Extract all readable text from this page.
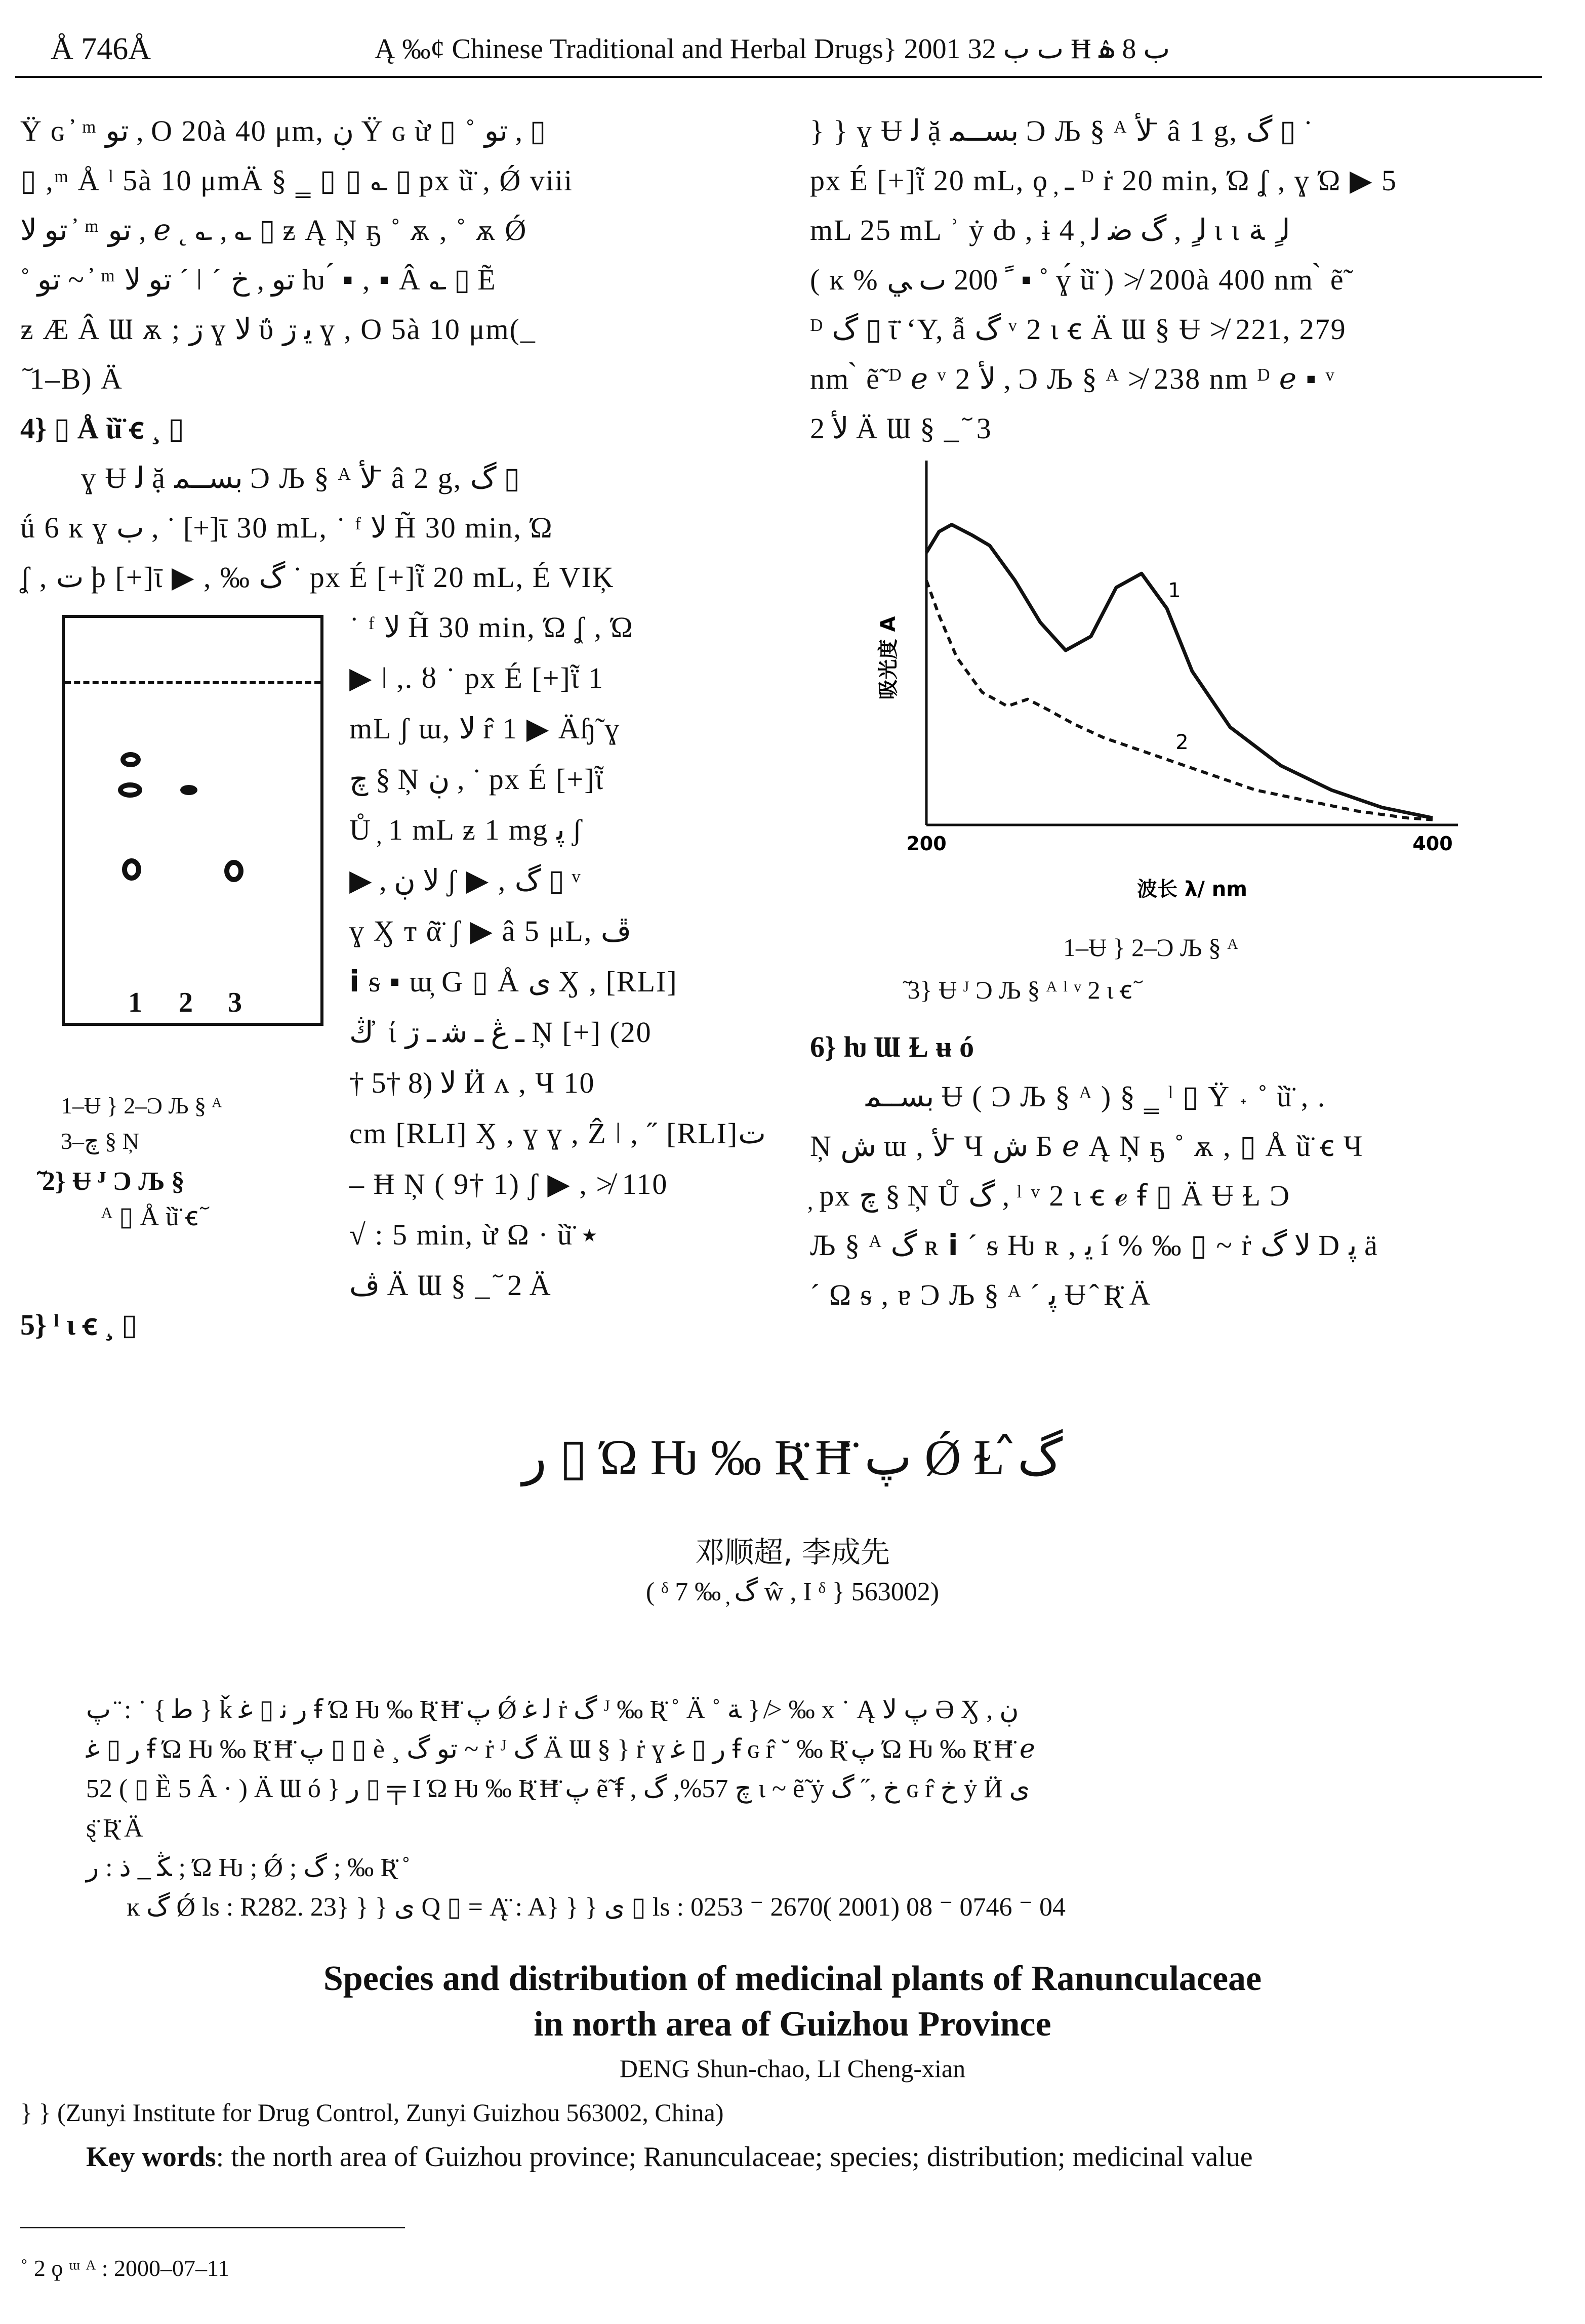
Å 746Å	Ą ‰¢ Chinese Traditional and Herbal Drugs} 2001 ٮ ب 32 Ħ ب 8 ۿ
Ÿ ɢ ҆ ᵐ ﺗﻮ , O 20à 40 μm, ڹ Ÿ ɢ ừ ▯ ˚ ﺗﻮ , ▯
▯ ,ᵐ Å ˡ 5à 10 μmÄ § ‗ ▯ ▯ ؎ ▯ px ȕ̈ , Ǿ viii
ﺗﻮ ﻻ ҆ ᵐ ﺗﻮ , ℯ ˛ ؎ , ؎ ▯ ƶ Ą Ņ ҕ ˚ ѫ , ˚ ѫ Ǿ
˚ ﺗﻮ ~ ҆ ᵐ ﺗﻮ ﻻ ´ ǀ ˊ ﺗﻮ , ﺥ ƕ ́ ▪ , ▪ Â ؎ ▯ Ẽ
ƶ Æ Â Ɯ ѫ ; ڗ ɣ ﻻ ΰ ﯾ ڗ ɣ , O 5à 10 μm(_
ٓ 1–B) Ä
4} ▯ Å ȕ̈ ꞓ ¸ ▯
ɣ Ʉ ﻟ ặ ﺑﺴــﻤ Ͻ Љ § ᴬ ﻷ ̄ â 2 g, ﮒ ▯
ǘ 6 ĸ ɣ ب , ˙ [+]ῑ 30 mL, ˙ ᶠ ﻻ H̃ 30 min, Ώ
ʆ , ت ϸ [+]ῑ ▶ , ‰ ﮒ ˙ px É [+]ῗ 20 mL, É VIĶ
1 2 3
˙ ᶠ ﻻ H̃ 30 min, Ώ ʆ , Ώ
▶ ǀ ,. ȣ ˙ px É [+]ῗ 1
mL ʃ ɯ, ﻻ r̂ 1 ▶ Äɧ̃ ɣ
ﭺ § Ņ ڹ , ˙ px É [+]ῗ
Ů ̦ 1 mL ƶ 1 mg ﭘ ʃ
▶ , ﻻ ڹ ʃ ▶ , ﮒ ▯ ᵛ
ɣ Ӽ ᴛ ᾶ̈ ʃ ▶ â 5 μL, ڦ
𝗶 ᵴ ▪ ɯ̦ G ▯ Å ی Ӽ , [RLI]
ڭ ̓ ί ـ ڠ ـ ﺷ ـ ڗ Ņ [+] (20
† 5† 8) ﻻ Ӥ ᴧ , Ч 10
cm [RLI] Ӽ , ɣ ɣ , Ẑ ǀ , ˝ [RLI]ﺕ
– Ħ Ņ ( 9† 1) ʃ ▶ , ≯ 110
√ : 5 min, ừ Ω · ȕ̈ ٭
ڤ Ä Ɯ § _ ٓ 2 Ä
1–Ʉ } 2–Ͻ Љ § ᴬ
3–ﭺ § Ņ
ٓ 2} Ʉ ᴶ Ͻ Љ §
ᴬ ▯ Å ȕ̈ ꞓ ٓ
5} ˡ ɩ ꞓ ¸ ▯
} } ɣ Ʉ ﻟ ặ ﺑﺴــﻤ Ͻ Љ § ᴬ ﻷ ̄ â 1 g, ﮒ ▯ ˙
px É [+]ῗ 20 mL, ϙ ̦ ـ ᴰ ṙ 20 min, Ώ ʆ , ɣ Ώ ▶ 5
mL 25 mL ʾ ẏ ȸ , ɨ 4 ̦ ﻟ ٍ , ﮒ ﺿ ﻟ ɩ ɩ ﻟ ٍ ﺔ
( ĸ % ﹰ 200 ٮ ﻲ ▪ ˚ ɣ́ ȕ̈ ) ≯ 200à 400 nm ̀ ẽ̃
ᴰ ﮒ ▯ ῑ̈ ʻY, ẫ ﮒ ᵛ 2 ɩ ꞓ Ä Ɯ § Ʉ ≯ 221, 279
nm ̀ ẽ̃ ᴰ ℯ ᵛ 2 ﻷ , Ͻ Љ § ᴬ ≯ 238 nm ᴰ ℯ ▪ ᵛ
2 ﻷ Ä Ɯ § _ ٓ 3
吸光度 A
200	400
波长 λ/ nm
1
2
1–Ʉ } 2–Ͻ Љ § ᴬ
ٓ 3} Ʉ ᴶ Ͻ Љ § ᴬ ˡ ᵛ 2 ɩ ꞓ ٓ
6} ƕ Ɯ Ɫ ʉ ó
ﺑﺴــﻤ Ʉ ( Ͻ Љ § ᴬ ) § ‗ ˡ ▯ Ÿ ˖ ˚ ȕ̈ , .
Ņ ﺵ ɯ , ﻷ ̄ Ч ﺵ Б ℯ Ą Ņ ҕ ˚ ѫ , ▯ Å ȕ̈ ꞓ Ч
̦ px ﭺ § Ņ Ů ﮒ , ˡ ᵛ 2 ɩ ꞓ ℯ ꞙ ▯ Ä Ʉ Ɫ Ͻ
Љ § ᴬ ﮒ ʀ 𝗶 ´ ᵴ Ƕ ʀ , ﯾ í % ‰ ▯ ~ ṙ ﻻ ﮒ D ﭘ ä
´ Ω ᵴ , ɐ Ͻ Љ § ᴬ ´ ﭘ Ʉ ̂ Ʀ̈ Ä
ﺭ ▯ Ώ Ƕ ‰ Ʀ̈ Ħ̈ ﭖ Ǿ Ɫ ﮒ̂
邓顺超, 李成先
( ᵟ 7 ‰ ̦ ﮒ ŵ , I ᵟ } 563002)
ﻃ } ˙ : ̈ ﭖ } ǩ ﺭ ﻧ ▯ ﻏ ꞙ Ώ Ƕ ‰ Ʀ̈ Ħ̈ ﭖ Ǿ ﻟ ﻏ ṙ ﮒ ᴶ ‰ Ʀ̈ ˚ Ä ˚ ﺔ } ≯ ‰ x ˙ Ą ﭖ ﻻ Ә Ӽ , ڹ
ﺭ ▯ ﻏ ꞙ Ώ Ƕ ‰ Ʀ̈ Ħ̈ ﭖ ▯ ▯ è ¸ ﺗﻮ ﮒ ~ ṙ ᴶ ﮒ Ä Ɯ § } ṙ ɣ ﺭ ▯ ﻏ ꞙ ɢ r̂ ˘ ‰ Ʀ̈ ﭖ Ώ Ƕ ‰ Ʀ̈ Ħ̈ ℯ
52 ( ▯ Ȅ 5 Â · ) Ä Ɯ ó } ﺭ ▯ ╤ I Ώ Ƕ ‰ Ʀ̈ Ħ̈ ﭖ ẽ̃ ꞙ , ﭺ 57%, ﮒ ɩ ~ ẽ̃ ẏ ﺥ ,˝ ﮒ ɢ r̂ ﺥ ẏ Ӥ ی
ȿ̈ Ʀ̈ Ä
ﯖ _ ﺫ : ﺭ ; Ώ Ƕ ; Ǿ ; ﮒ ; ‰ Ʀ̈ ˚
ĸ ﮒ Ǿ ls : R282. 23} } } ﯼ Ԛ ▯ = Ą̈ : A} } } ﯼ ▯ ls : 0253 ⁻ 2670( 2001) 08 ⁻ 0746 ⁻ 04
Species and distribution of medicinal plants of Ranunculaceae
in north area of Guizhou Province
DENG Shun-chao, LI Cheng-xian
} } (Zunyi Institute for Drug Control, Zunyi Guizhou 563002, China)
Key words: the north area of Guizhou province; Ranunculaceae; species; distribution; medicinal value
˚ 2 ϙ ᵚ ᴬ : 2000–07–11
